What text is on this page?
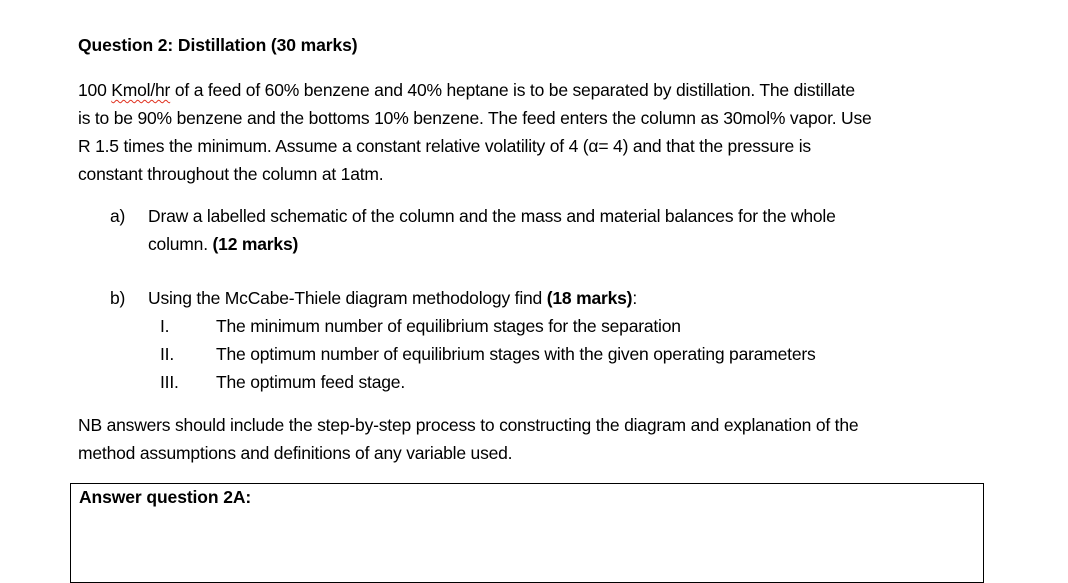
Question 2: Distillation (30 marks)
100 Kmol/hr of a feed of 60% benzene and 40% heptane is to be separated by distillation. The distillate
is to be 90% benzene and the bottoms 10% benzene. The feed enters the column as 30mol% vapor. Use
R 1.5 times the minimum. Assume a constant relative volatility of 4 (α= 4) and that the pressure is
constant throughout the column at 1atm.
a) Draw a labelled schematic of the column and the mass and material balances for the whole
column. (12 marks)
b) Using the McCabe-Thiele diagram methodology find (18 marks):
I.	The minimum number of equilibrium stages for the separation
II.	The optimum number of equilibrium stages with the given operating parameters
III.	The optimum feed stage.
NB answers should include the step-by-step process to constructing the diagram and explanation of the
method assumptions and definitions of any variable used.
Answer question 2A:
